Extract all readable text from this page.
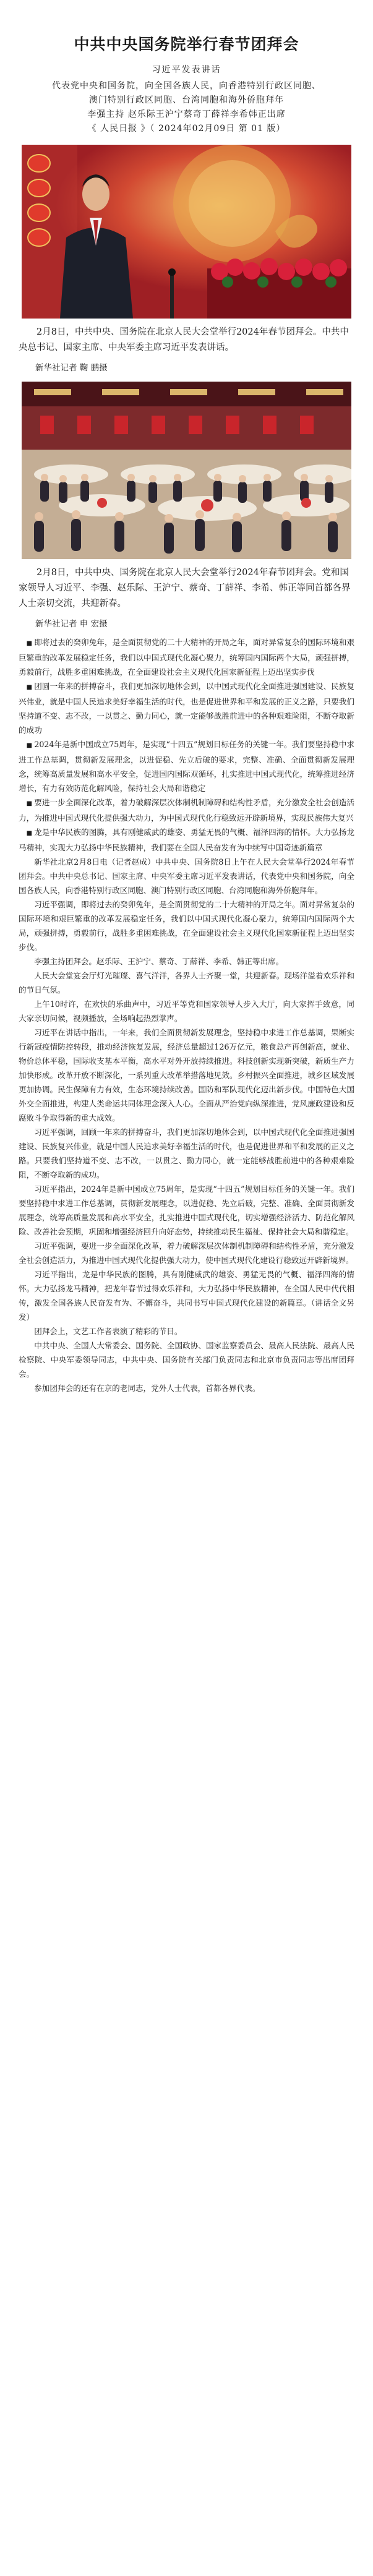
中共中央国务院举行春节团拜会
习近平发表讲话
代表党中央和国务院，向全国各族人民，向香港特别行政区同胞、
澳门特别行政区同胞、台湾同胞和海外侨胞拜年
李强主持 赵乐际王沪宁蔡奇丁薛祥李希韩正出席
《 人民日报 》（ 2024年02月09日 第 01 版）
2月8日，中共中央、国务院在北京人民大会堂举行2024年春节团拜会。中共中央总书记、国家主席、中央军委主席习近平发表讲话。
新华社记者 鞠 鹏摄
2月8日，中共中央、国务院在北京人民大会堂举行2024年春节团拜会。党和国家领导人习近平、李强、赵乐际、王沪宁、蔡奇、丁薛祥、李希、韩正等同首都各界人士亲切交流，共迎新春。
新华社记者 申 宏摄

■ 即将过去的癸卯兔年，是全面贯彻党的二十大精神的开局之年，面对异常复杂的国际环境和艰巨繁重的改革发展稳定任务，我们以中国式现代化凝心聚力，统筹国内国际两个大局，顽强拼搏，勇毅前行，战胜多重困难挑战，在全面建设社会主义现代化国家新征程上迈出坚实步伐

■ 团圆一年来的拼搏奋斗，我们更加深切地体会到，以中国式现代化全面推进强国建设、民族复兴伟业，就是中国人民追求美好幸福生活的时代，也是促进世界和平和发展的正义之路，只要我们坚持道不变、志不改，一以贯之、勤力同心，就一定能够战胜前进中的各种艰难险阻，不断夺取新的成功

■ 2024年是新中国成立75周年，是实现“十四五”规划目标任务的关键一年。我们要坚持稳中求进工作总基调，贯彻新发展理念，以进促稳、先立后破的要求，完整、准确、全面贯彻新发展理念，统筹高质量发展和高水平安全，促进国内国际双循环，扎实推进中国式现代化，统筹推进经济增长，有力有效防范化解风险，保持社会大局和谐稳定

■ 要进一步全面深化改革，着力破解深层次体制机制障碍和结构性矛盾，充分激发全社会创造活力，为推进中国式现代化提供强大动力，为中国式现代化行稳致远开辟新境界，实现民族伟大复兴

■ 龙是中华民族的图腾，具有刚健威武的雄姿、勇猛无畏的气概、福泽四海的情怀。大力弘扬龙马精神，实现大力弘扬中华民族精神，我们要在全国人民奋发有为中续写中国奇迹新篇章

新华社北京2月8日电（记者赵成）中共中央、国务院8日上午在人民大会堂举行2024年春节团拜会。中共中央总书记、国家主席、中央军委主席习近平发表讲话，代表党中央和国务院，向全国各族人民，向香港特别行政区同胞、澳门特别行政区同胞、台湾同胞和海外侨胞拜年。

习近平强调，即将过去的癸卯兔年，是全面贯彻党的二十大精神的开局之年。面对异常复杂的国际环境和艰巨繁重的改革发展稳定任务，我们以中国式现代化凝心聚力，统筹国内国际两个大局，顽强拼搏，勇毅前行，战胜多重困难挑战，在全面建设社会主义现代化国家新征程上迈出坚实步伐。

李强主持团拜会。赵乐际、王沪宁、蔡奇、丁薛祥、李希、韩正等出席。

人民大会堂宴会厅灯光璀璨、喜气洋洋，各界人士齐聚一堂，共迎新春。现场洋溢着欢乐祥和的节日气氛。

上午10时许，在欢快的乐曲声中，习近平等党和国家领导人步入大厅，向大家挥手致意，同大家亲切问候，视频播放，全场响起热烈掌声。

习近平在讲话中指出，一年来，我们全面贯彻新发展理念，坚持稳中求进工作总基调，果断实行新冠疫情防控转段，推动经济恢复发展，经济总量超过126万亿元，粮食总产再创新高，就业、物价总体平稳，国际收支基本平衡，高水平对外开放持续推进。科技创新实现新突破，新质生产力加快形成。改革开放不断深化，一系列重大改革举措落地见效。乡村振兴全面推进，城乡区域发展更加协调。民生保障有力有效，生态环境持续改善。国防和军队现代化迈出新步伐。中国特色大国外交全面推进，构建人类命运共同体理念深入人心。全面从严治党向纵深推进，党风廉政建设和反腐败斗争取得新的重大成效。

习近平强调，回顾一年来的拼搏奋斗，我们更加深切地体会到，以中国式现代化全面推进强国建设、民族复兴伟业，就是中国人民追求美好幸福生活的时代，也是促进世界和平和发展的正义之路。只要我们坚持道不变、志不改，一以贯之、勤力同心，就一定能够战胜前进中的各种艰难险阻，不断夺取新的成功。

习近平指出，2024年是新中国成立75周年，是实现“十四五”规划目标任务的关键一年。我们要坚持稳中求进工作总基调，贯彻新发展理念，以进促稳、先立后破，完整、准确、全面贯彻新发展理念，统筹高质量发展和高水平安全，扎实推进中国式现代化，切实增强经济活力、防范化解风险、改善社会预期，巩固和增强经济回升向好态势，持续推动民生福祉、保持社会大局和谐稳定。

习近平强调，要进一步全面深化改革，着力破解深层次体制机制障碍和结构性矛盾，充分激发全社会创造活力，为推进中国式现代化提供强大动力，使中国式现代化建设行稳致远开辟新境界。

习近平指出，龙是中华民族的图腾，具有刚健威武的雄姿、勇猛无畏的气概、福泽四海的情怀。大力弘扬龙马精神，把龙年春节过得欢乐祥和，大力弘扬中华民族精神，在全国人民中代代相传，激发全国各族人民奋发有为、不懈奋斗，共同书写中国式现代化建设的新篇章。（讲话全文另发）

团拜会上，文艺工作者表演了精彩的节目。

中共中央、全国人大常委会、国务院、全国政协、国家监察委员会、最高人民法院、最高人民检察院、中央军委领导同志，中共中央、国务院有关部门负责同志和北京市负责同志等出席团拜会。

参加团拜会的还有在京的老同志，党外人士代表，首都各界代表。
